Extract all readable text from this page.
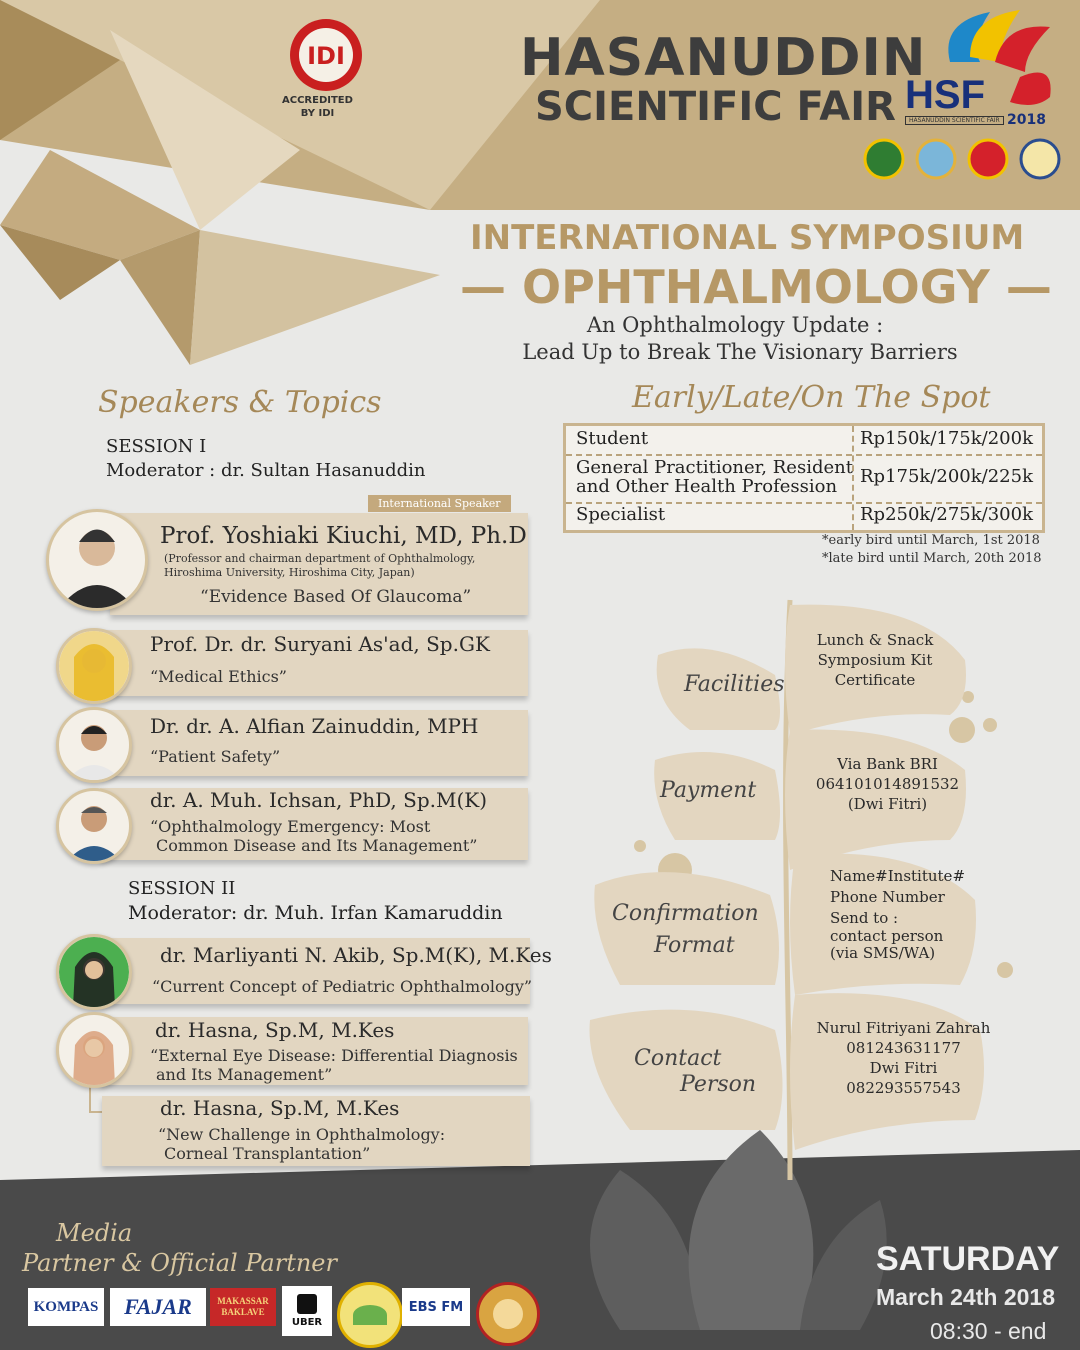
IDI
ACCREDITED
BY IDI
HASANUDDIN
SCIENTIFIC FAIR HSF
HASANUDDIN SCIENTIFIC FAIR 2018
INTERNATIONAL SYMPOSIUM
— OPHTHALMOLOGY —
An Ophthalmology Update :
Lead Up to Break The Visionary Barriers
Speakers & Topics
SESSION I
Moderator : dr. Sultan Hasanuddin
International Speaker
Prof. Yoshiaki Kiuchi, MD, Ph.D
(Professor and chairman department of Ophthalmology,
Hiroshima University, Hiroshima City, Japan)
“Evidence Based Of Glaucoma”
Prof. Dr. dr. Suryani As'ad, Sp.GK
“Medical Ethics”
Dr. dr. A. Alfian Zainuddin, MPH
“Patient Safety”
dr. A. Muh. Ichsan, PhD, Sp.M(K)
“Ophthalmology Emergency: Most
Common Disease and Its Management”
SESSION II
Moderator: dr. Muh. Irfan Kamaruddin
dr. Marliyanti N. Akib, Sp.M(K), M.Kes
“Current Concept of Pediatric Ophthalmology”
dr. Hasna, Sp.M, M.Kes
“External Eye Disease: Differential Diagnosis
and Its Management”
dr. Hasna, Sp.M, M.Kes
“New Challenge in Ophthalmology:
Corneal Transplantation”
Early/Late/On The Spot
Student	Rp150k/175k/200k
General Practitioner, Resident
and Other Health Profession	Rp175k/200k/225k
Specialist	Rp250k/275k/300k
*early bird until March, 1st 2018
*late bird until March, 20th 2018
Facilities
Lunch & Snack
Symposium Kit
Certificate
Payment
Via Bank BRI
064101014891532
(Dwi Fitri)
Confirmation
Format
Name#Institute#
Phone Number
Send to :
contact person
(via SMS/WA)
Contact
Person
Nurul Fitriyani Zahrah
081243631177
Dwi Fitri
082293557543
Media
Partner & Official Partner
KOMPAS	FAJAR	MAKASSAR BAKLAVE
UBER
EBS FM
SATURDAY
March 24th 2018
08:30 - end
